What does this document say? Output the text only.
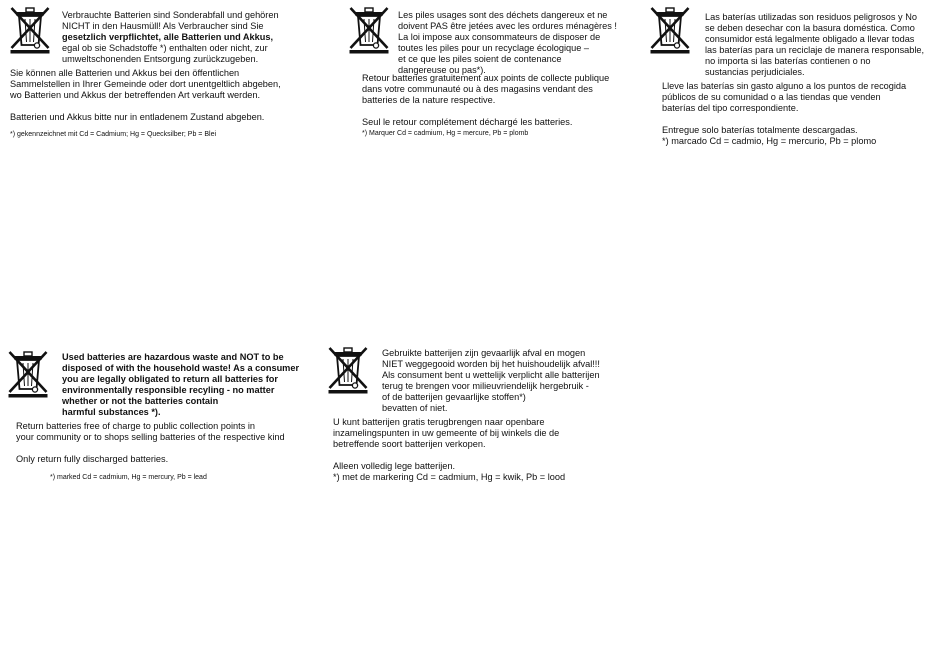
Verbrauchte Batterien sind Sonderabfall und gehören
NICHT in den Hausmüll! Als Verbraucher sind Sie
gesetzlich verpflichtet, alle Batterien und Akkus,
egal ob sie Schadstoffe *) enthalten oder nicht, zur
umweltschonenden Entsorgung zurückzugeben.
Sie können alle Batterien und Akkus bei den öffentlichen
Sammelstellen in Ihrer Gemeinde oder dort unentgeltlich abgeben,
wo Batterien und Akkus der betreffenden Art verkauft werden.
Batterien und Akkus bitte nur in entladenem Zustand abgeben.
*) gekennzeichnet mit Cd = Cadmium; Hg = Quecksilber; Pb = Blei
Les piles usages sont des déchets dangereux et ne
doivent PAS être jetées avec les ordures ménagères !
La loi impose aux consommateurs de disposer de
toutes les piles pour un recyclage écologique –
et ce que les piles soient de contenance
dangereuse ou pas*).
Retour batteries gratuitement aux points de collecte publique
dans votre communauté ou à des magasins vendant des
batteries de la nature respective.
Seul le retour complétement déchargé les batteries.
*) Marquer Cd = cadmium, Hg = mercure, Pb = plomb
Las baterías utilizadas son residuos peligrosos y No
se deben desechar con la basura doméstica. Como
consumidor está legalmente obligado a llevar todas
las baterías para un reciclaje de manera responsable,
no importa si las baterías contienen o no
sustancias perjudiciales.
Lleve las baterías sin gasto alguno a los puntos de recogida
públicos de su comunidad o a las tiendas que venden
baterías del tipo correspondiente.
Entregue solo baterías totalmente descargadas.
*) marcado Cd = cadmio, Hg = mercurio, Pb = plomo
Used batteries are hazardous waste and NOT to be
disposed of with the household waste! As a consumer
you are legally obligated to return all batteries for
environmentally responsible recyling - no matter
whether or not the batteries contain
harmful substances *).
Return batteries free of charge to public collection points in
your community or to shops selling batteries of the respective kind
Only return fully discharged batteries.
*) marked Cd = cadmium, Hg = mercury, Pb = lead
Gebruikte batterijen zijn gevaarlijk afval en mogen
NIET weggegooid worden bij het huishoudelijk afval!!!
Als consument bent u wettelijk verplicht alle batterijen
terug te brengen voor milieuvriendelijk hergebruik -
of de batterijen gevaarlijke stoffen*)
bevatten of niet.
U kunt batterijen gratis terugbrengen naar openbare
inzamelingspunten in uw gemeente of bij winkels die de
betreffende soort batterijen verkopen.
Alleen volledig lege batterijen.
*) met de markering Cd = cadmium, Hg = kwik, Pb = lood
